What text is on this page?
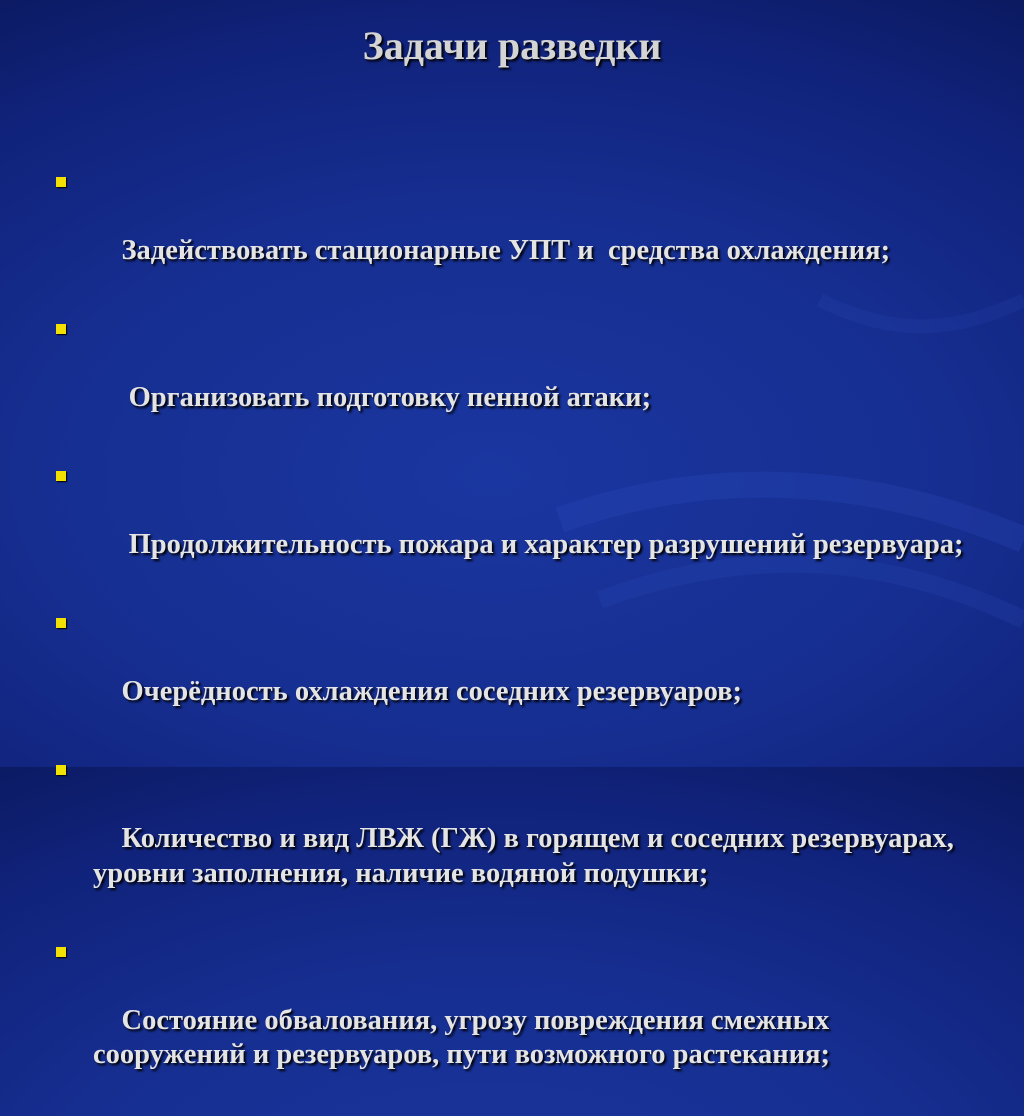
Задачи разведки

Задействовать стационарные УПТ и  средства охлаждения;

Организовать подготовку пенной атаки;

Продолжительность пожара и характер разрушений резервуара;

Очерёдность охлаждения соседних резервуаров;

Количество и вид ЛВЖ (ГЖ) в горящем и соседних резервуарах, уровни заполнения, наличие водяной подушки;

Состояние обвалования, угрозу повреждения смежных сооружений и резервуаров, пути возможного растекания;
